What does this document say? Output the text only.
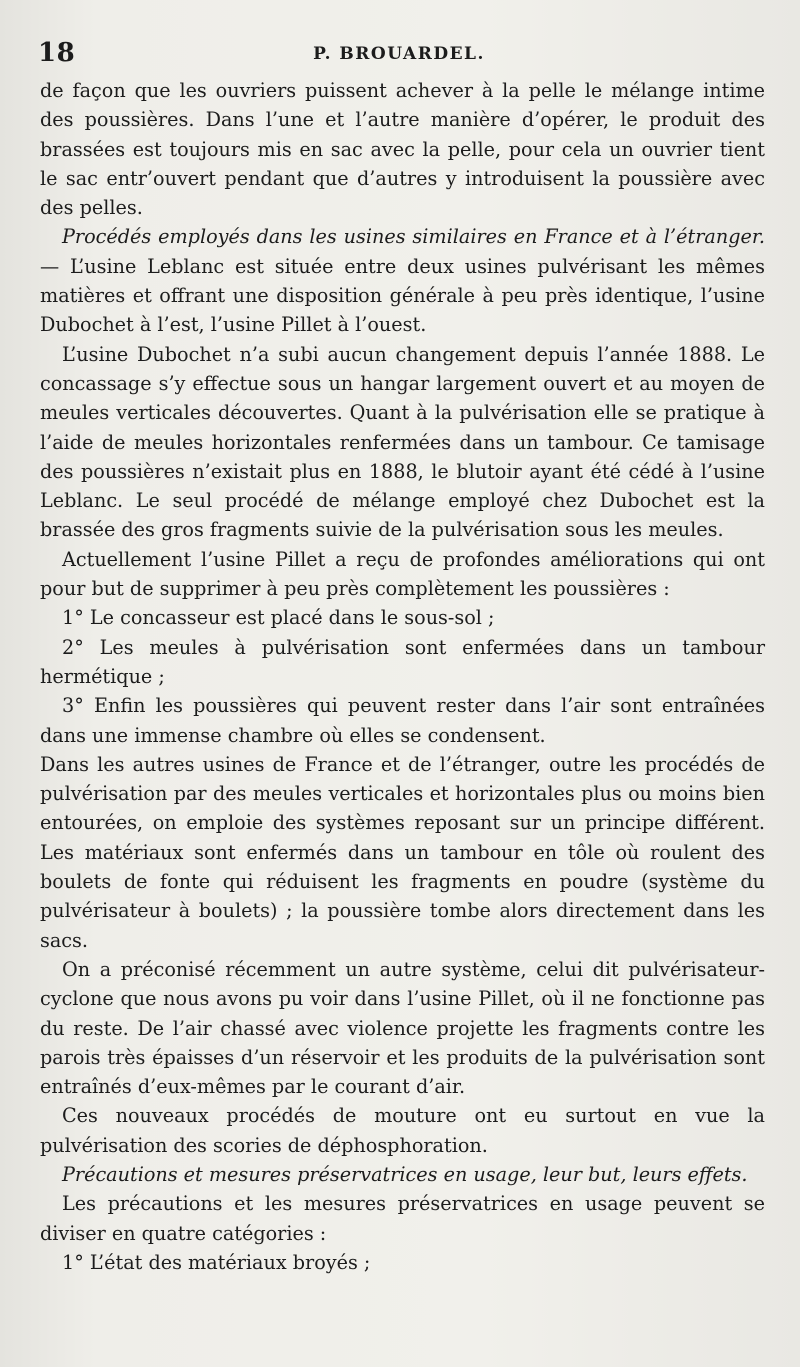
18	P. BROUARDEL.

de façon que les ouvriers puissent achever à la pelle le mélange intime des poussières. Dans l’une et l’autre manière d’opérer, le produit des brassées est toujours mis en sac avec la pelle, pour cela un ouvrier tient le sac entr’ouvert pendant que d’autres y introduisent la poussière avec des pelles.

Procédés employés dans les usines similaires en France et à l’étranger. — L’usine Leblanc est située entre deux usines pulvérisant les mêmes matières et offrant une disposition générale à peu près identique, l’usine Dubochet à l’est, l’usine Pillet à l’ouest.

L’usine Dubochet n’a subi aucun changement depuis l’année 1888. Le concassage s’y effectue sous un hangar largement ouvert et au moyen de meules verticales découvertes. Quant à la pulvérisation elle se pratique à l’aide de meules horizontales renfermées dans un tambour. Ce tamisage des poussières n’existait plus en 1888, le blutoir ayant été cédé à l’usine Leblanc. Le seul procédé de mélange employé chez Dubochet est la brassée des gros fragments suivie de la pulvérisation sous les meules.

Actuellement l’usine Pillet a reçu de profondes améliorations qui ont pour but de supprimer à peu près complètement les poussières :

1° Le concasseur est placé dans le sous-sol ;

2° Les meules à pulvérisation sont enfermées dans un tambour hermétique ;

3° Enfin les poussières qui peuvent rester dans l’air sont entraînées dans une immense chambre où elles se condensent.

Dans les autres usines de France et de l’étranger, outre les procédés de pulvérisation par des meules verticales et horizontales plus ou moins bien entourées, on emploie des systèmes reposant sur un principe différent. Les matériaux sont enfermés dans un tambour en tôle où roulent des boulets de fonte qui réduisent les fragments en poudre (système du pulvérisateur à boulets) ; la poussière tombe alors directement dans les sacs.

On a préconisé récemment un autre système, celui dit pulvérisateur-cyclone que nous avons pu voir dans l’usine Pillet, où il ne fonctionne pas du reste. De l’air chassé avec violence projette les fragments contre les parois très épaisses d’un réservoir et les produits de la pulvérisation sont entraînés d’eux-mêmes par le courant d’air.

Ces nouveaux procédés de mouture ont eu surtout en vue la pulvérisation des scories de déphosphoration.

Précautions et mesures préservatrices en usage, leur but, leurs effets.

Les précautions et les mesures préservatrices en usage peuvent se diviser en quatre catégories :

1° L’état des matériaux broyés ;
